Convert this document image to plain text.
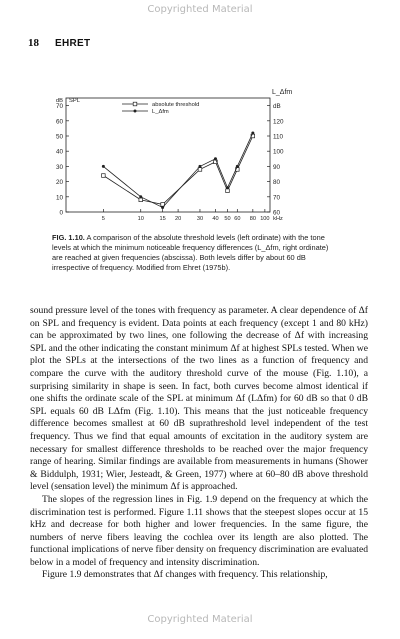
Copyrighted Material
18 EHRET
0
10
20
30
40
50
60
70
60
70
80
90
100
110
120
dB
5	10	15 20	30 40 50 60 80 100 kHz
dB SPL
L_Δfm
absolute threshold
L_Δfm
FIG. 1.10. A comparison of the absolute threshold levels (left ordinate) with the tone levels at which the minimum noticeable frequency differences (L_Δfm, right ordinate) are reached at given frequencies (abscissa). Both levels differ by about 60 dB irrespective of frequency. Modified from Ehret (1975b).

sound pressure level of the tones with frequency as parameter. A clear dependence of Δf on SPL and frequency is evident. Data points at each frequency (except 1 and 80 kHz) can be approximated by two lines, one following the decrease of Δf with increasing SPL and the other indicating the constant minimum Δf at highest SPLs tested. When we plot the SPLs at the intersections of the two lines as a function of frequency and compare the curve with the auditory threshold curve of the mouse (Fig. 1.10), a surprising similarity in shape is seen. In fact, both curves become almost identical if one shifts the ordinate scale of the SPL at minimum Δf (LΔfm) for 60 dB so that 0 dB SPL equals 60 dB LΔfm (Fig. 1.10). This means that the just noticeable frequency difference becomes smallest at 60 dB suprathreshold level independent of the test frequency. Thus we find that equal amounts of excitation in the auditory system are necessary for smallest difference thresholds to be reached over the major frequency range of hearing. Similar findings are available from measurements in humans (Shower & Biddulph, 1931; Wier, Jesteadt, & Green, 1977) where at 60–80 dB above threshold level (sensation level) the minimum Δf is approached.

The slopes of the regression lines in Fig. 1.9 depend on the frequency at which the discrimination test is performed. Figure 1.11 shows that the steepest slopes occur at 15 kHz and decrease for both higher and lower frequencies. In the same figure, the numbers of nerve fibers leaving the cochlea over its length are also plotted. The functional implications of nerve fiber density on frequency discrimination are evaluated below in a model of frequency and intensity discrimination.

Figure 1.9 demonstrates that Δf changes with frequency. This relationship,

Copyrighted Material
